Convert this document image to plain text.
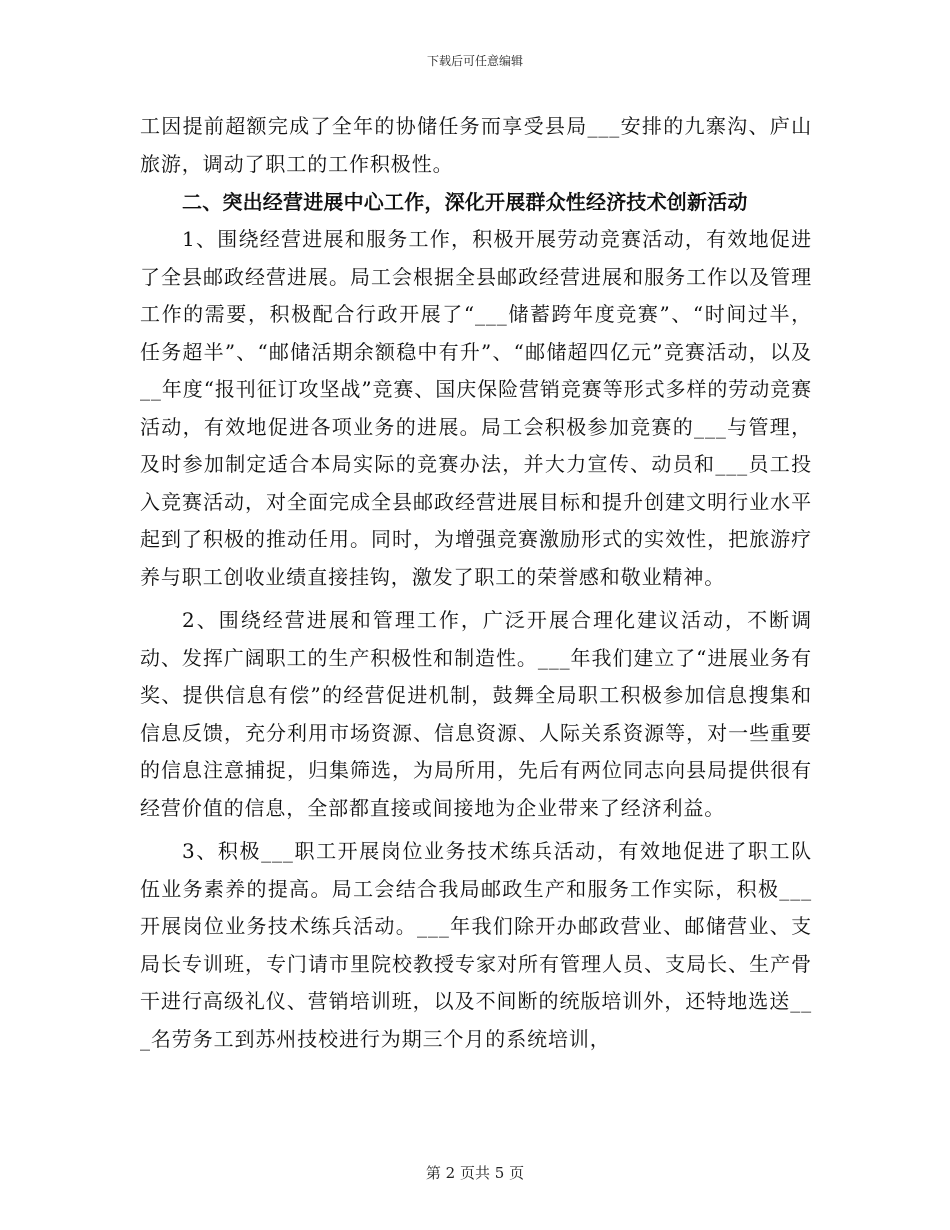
下载后可任意编辑

工因提前超额完成了全年的协储任务而享受县局___安排的九寨沟、庐山旅游，调动了职工的工作积极性。

二、突出经营进展中心工作，深化开展群众性经济技术创新活动

1、围绕经营进展和服务工作，积极开展劳动竞赛活动，有效地促进了全县邮政经营进展。局工会根据全县邮政经营进展和服务工作以及管理工作的需要，积极配合行政开展了“___储蓄跨年度竞赛”、“时间过半，任务超半”、“邮储活期余额稳中有升”、“邮储超四亿元”竞赛活动，以及__年度“报刊征订攻坚战”竞赛、国庆保险营销竞赛等形式多样的劳动竞赛活动，有效地促进各项业务的进展。局工会积极参加竞赛的___与管理，及时参加制定适合本局实际的竞赛办法，并大力宣传、动员和___员工投入竞赛活动，对全面完成全县邮政经营进展目标和提升创建文明行业水平起到了积极的推动任用。同时，为增强竞赛激励形式的实效性，把旅游疗养与职工创收业绩直接挂钩，激发了职工的荣誉感和敬业精神。

2、围绕经营进展和管理工作，广泛开展合理化建议活动，不断调动、发挥广阔职工的生产积极性和制造性。___年我们建立了“进展业务有奖、提供信息有偿”的经营促进机制，鼓舞全局职工积极参加信息搜集和信息反馈，充分利用市场资源、信息资源、人际关系资源等，对一些重要的信息注意捕捉，归集筛选，为局所用，先后有两位同志向县局提供很有经营价值的信息，全部都直接或间接地为企业带来了经济利益。

3、积极___职工开展岗位业务技术练兵活动，有效地促进了职工队伍业务素养的提高。局工会结合我局邮政生产和服务工作实际，积极___开展岗位业务技术练兵活动。___年我们除开办邮政营业、邮储营业、支局长专训班，专门请市里院校教授专家对所有管理人员、支局长、生产骨干进行高级礼仪、营销培训班，以及不间断的统版培训外，还特地选送___名劳务工到苏州技校进行为期三个月的系统培训，

第 2 页共 5 页
